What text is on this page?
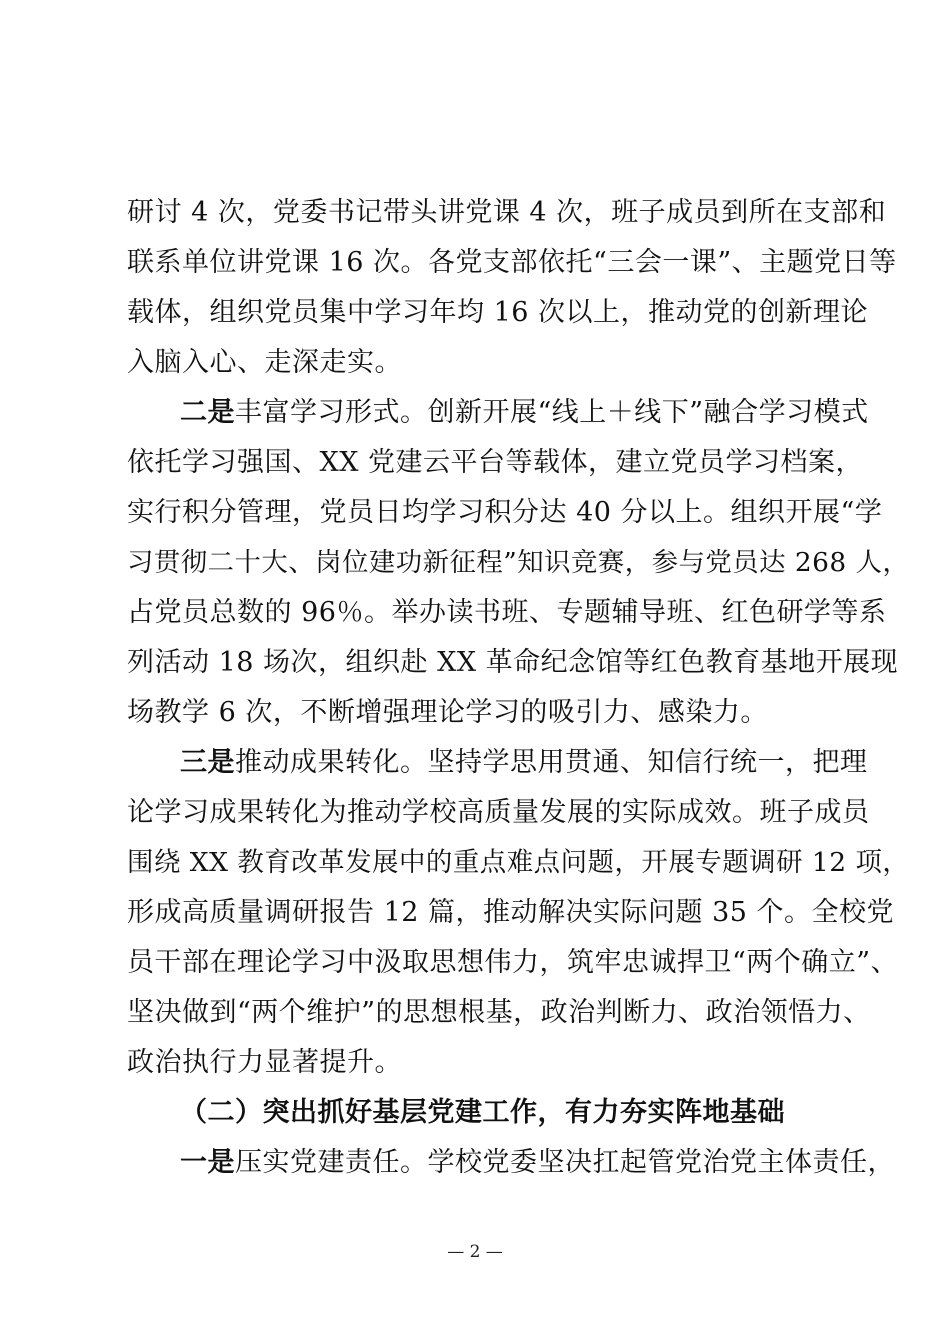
研讨 4 次，党委书记带头讲党课 4 次，班子成员到所在支部和
联系单位讲党课 16 次。各党支部依托“三会一课”、主题党日等
载体，组织党员集中学习年均 16 次以上，推动党的创新理论
入脑入心、走深走实。
二是丰富学习形式。创新开展“线上＋线下”融合学习模式
依托学习强国、XX 党建云平台等载体，建立党员学习档案，
实行积分管理，党员日均学习积分达 40 分以上。组织开展“学
习贯彻二十大、岗位建功新征程”知识竞赛，参与党员达 268 人，
占党员总数的 96％。举办读书班、专题辅导班、红色研学等系
列活动 18 场次，组织赴 XX 革命纪念馆等红色教育基地开展现
场教学 6 次，不断增强理论学习的吸引力、感染力。
三是推动成果转化。坚持学思用贯通、知信行统一，把理
论学习成果转化为推动学校高质量发展的实际成效。班子成员
围绕 XX 教育改革发展中的重点难点问题，开展专题调研 12 项，
形成高质量调研报告 12 篇，推动解决实际问题 35 个。全校党
员干部在理论学习中汲取思想伟力，筑牢忠诚捍卫“两个确立”、
坚决做到“两个维护”的思想根基，政治判断力、政治领悟力、
政治执行力显著提升。
（二）突出抓好基层党建工作，有力夯实阵地基础
一是压实党建责任。学校党委坚决扛起管党治党主体责任，
— 2 —
